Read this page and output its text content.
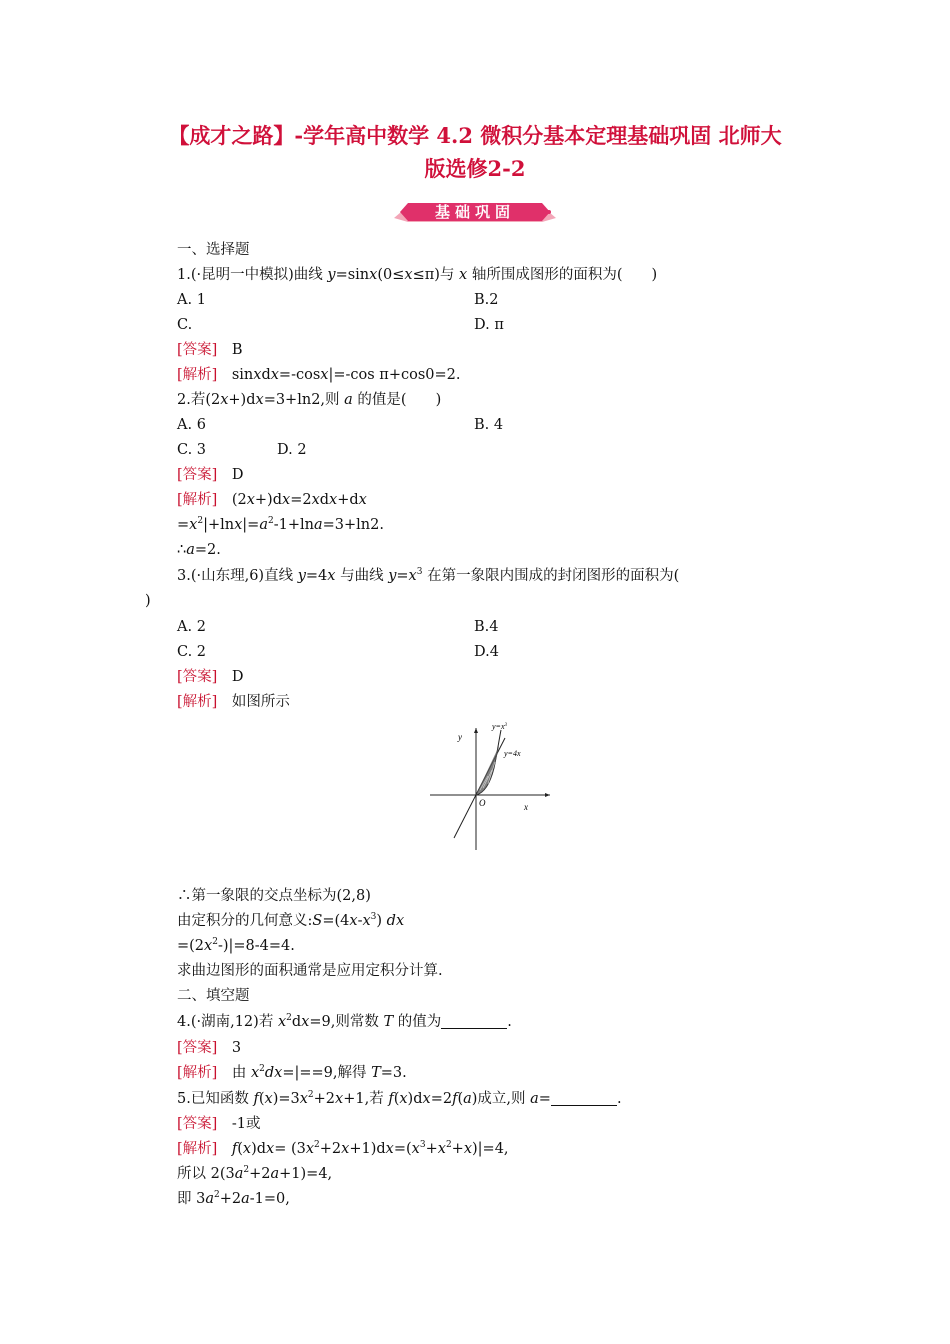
【成才之路】-学年高中数学 4.2 微积分基本定理基础巩固 北师大
版选修2-2
基础巩固
一、选择题
1.(·昆明一中模拟)曲线 y=sinx(0≤x≤π)与 x 轴所围成图形的面积为(　　)
A. 1	B.2
C.	D. π
[答案]　 B
[解析]　 sinxdx=-cosx|=-cos π+cos0=2.
2.若(2x+)dx=3+ln2,则 a 的值是(　　)
A. 6	B. 4
C. 3	D. 2
[答案]　 D
[解析]　 (2x+)dx=2xdx+dx
$=x^2|+\ln x|=a^2-1+\ln a=3+\ln 2$.
∴a=2.
3.(·山东理,6)直线 y=4x 与曲线 $y=x^3$ 在第一象限内围成的封闭图形的面积为(
)
A. 2	B.4
C. 2	D.4
[答案]　 D
[解析]　 如图所示
y
x
O
$y=x^3$
y=4x
∴第一象限的交点坐标为(2,8)
由定积分的几何意义$:S=(4x-x^3)$ dx
$=(2x^2-)|=8-4=4$.
求曲边图形的面积通常是应用定积分计算.
二、填空题
4.(·湖南,12)若 $x^2dx=9$,则常数 T 的值为	.
[答案]　 3
[解析]　 由 $x^2dx=|==9$,解得 T=3.
5.已知函数 $f(x)=3x^2+2x+1$,若 f(x)dx=2f(a)成立,则 a=	.
[答案]　 -1或
[解析]　 $f(x)dx= (3x^2+2x+1)dx=(x^3+x^2+x)|=4$,
所以 $2(3a^2+2a+1)=4$,
即 $3a^2+2a-1=0$,
